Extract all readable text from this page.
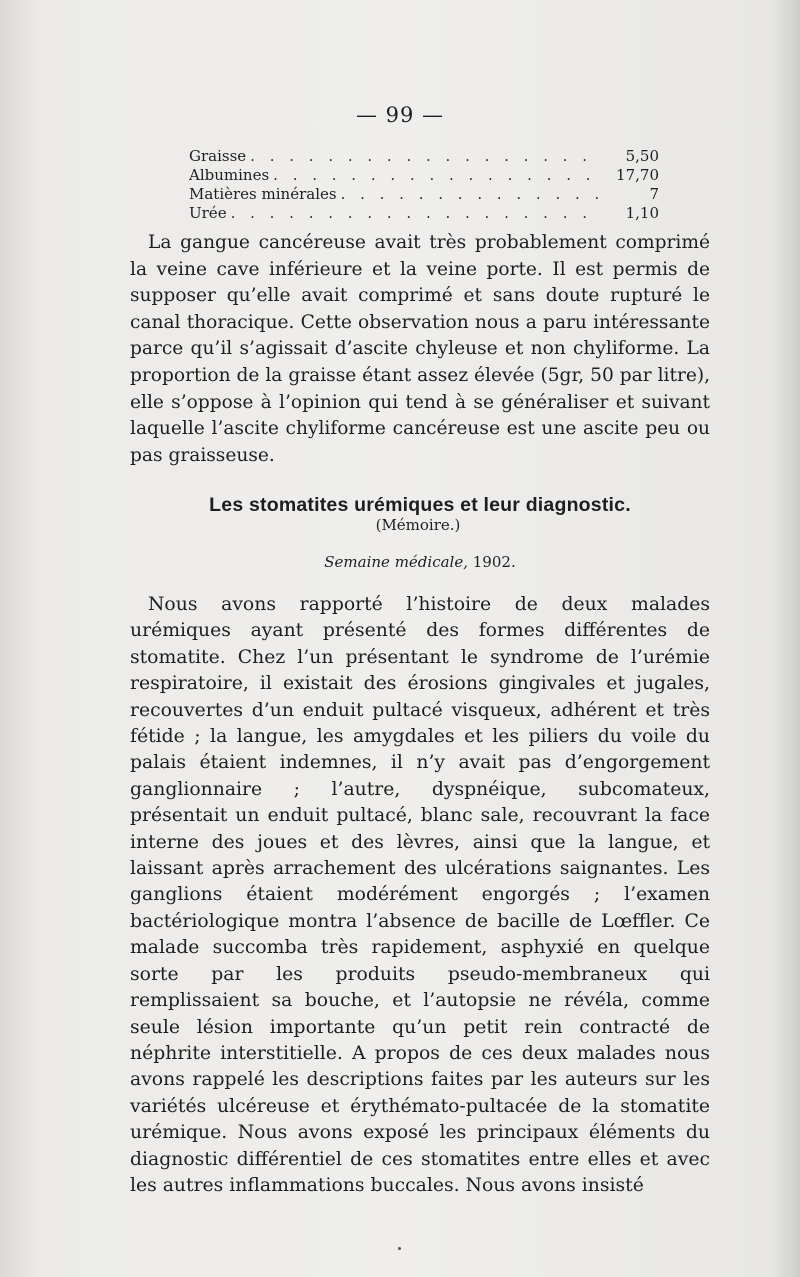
— 99 —
Graisse . . .	5,50
Albumines . . .	17,70
Matières minérales . . .	7
Urée . . .	1,10

La gangue cancéreuse avait très probablement comprimé la veine cave inférieure et la veine porte. Il est permis de supposer qu’elle avait comprimé et sans doute rupturé le canal thoracique. Cette observation nous a paru intéressante parce qu’il s’agissait d’ascite chyleuse et non chyliforme. La proportion de la graisse étant assez élevée (5gr, 50 par litre), elle s’oppose à l’opinion qui tend à se généraliser et suivant laquelle l’ascite chyliforme cancéreuse est une ascite peu ou pas graisseuse.

Les stomatites urémiques et leur diagnostic.
(Mémoire.)
Semaine médicale, 1902.

Nous avons rapporté l’histoire de deux malades urémiques ayant présenté des formes différentes de stomatite. Chez l’un présentant le syndrome de l’urémie respiratoire, il existait des érosions gingivales et jugales, recouvertes d’un enduit pultacé visqueux, adhérent et très fétide ; la langue, les amygdales et les piliers du voile du palais étaient indemnes, il n’y avait pas d’engorgement ganglionnaire ; l’autre, dyspnéique, subcomateux, présentait un enduit pultacé, blanc sale, recouvrant la face interne des joues et des lèvres, ainsi que la langue, et laissant après arrachement des ulcérations saignantes. Les ganglions étaient modérément engorgés ; l’examen bactériologique montra l’absence de bacille de Lœffler. Ce malade succomba très rapidement, asphyxié en quelque sorte par les produits pseudo-membraneux qui remplissaient sa bouche, et l’autopsie ne révéla, comme seule lésion importante qu’un petit rein contracté de néphrite interstitielle. A propos de ces deux malades nous avons rappelé les descriptions faites par les auteurs sur les variétés ulcéreuse et érythémato-pultacée de la stomatite urémique. Nous avons exposé les principaux éléments du diagnostic différentiel de ces stomatites entre elles et avec les autres inflammations buccales. Nous avons insisté
